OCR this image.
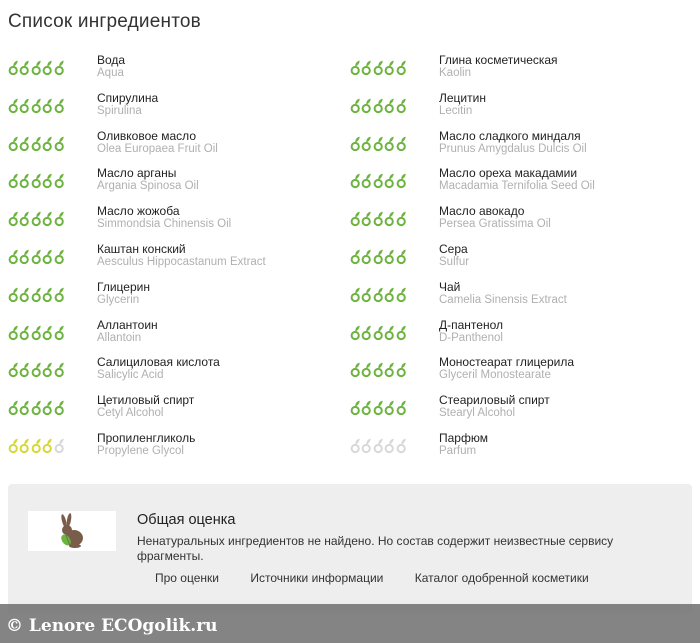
Список ингредиентов
Вода
Aqua
Спирулина
Spirulina
Оливковое масло
Olea Europaea Fruit Oil
Масло арганы
Argania Spinosa Oil
Масло жожоба
Simmondsia Chinensis Oil
Каштан конский
Aesculus Hippocastanum Extract
Глицерин
Glycerin
Аллантоин
Allantoin
Салициловая кислота
Salicylic Acid
Цетиловый спирт
Cetyl Alcohol
Пропиленгликоль
Propylene Glycol
Глина косметическая
Kaolin
Лецитин
Lecitin
Масло сладкого миндаля
Prunus Amygdalus Dulcis Oil
Масло ореха макадамии
Macadamia Ternifolia Seed Oil
Масло авокадо
Persea Gratissima Oil
Сера
Sulfur
Чай
Camelia Sinensis Extract
Д-пантенол
D-Panthenol
Моностеарат глицерила
Glyceril Monostearate
Стеариловый спирт
Stearyl Alcohol
Парфюм
Parfum
Общая оценка
Ненатуральных ингредиентов не найдено. Но состав содержит неизвестные сервису фрагменты.
Про оценки	Источники информации	Каталог одобренной косметики
© Lenore ECOgolik.ru
